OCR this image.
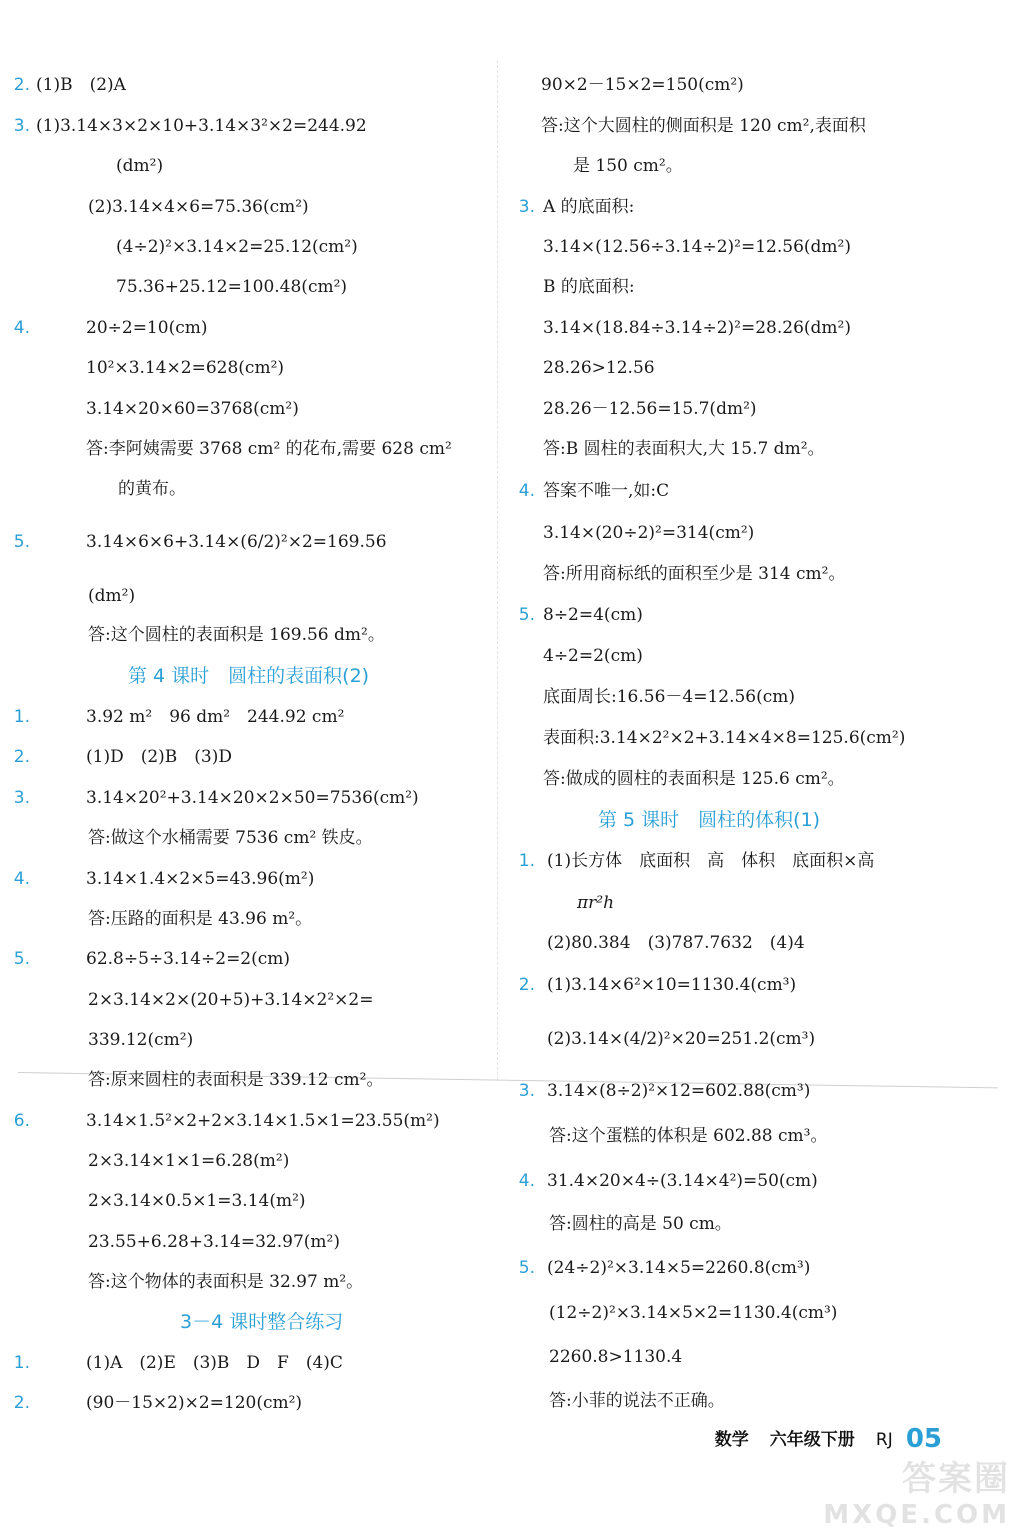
2. (1)B　(2)A
3. (1)3.14×3×2×10+3.14×3²×2=244.92
(dm²)
(2)3.14×4×6=75.36(cm²)
(4÷2)²×3.14×2=25.12(cm²)
75.36+25.12=100.48(cm²)
4.	20÷2=10(cm)
10²×3.14×2=628(cm²)
3.14×20×60=3768(cm²)
答:李阿姨需要 3768 cm² 的花布,需要 628 cm²
的黄布。
5.	3.14×6×6+3.14×(6/2)²×2=169.56
(dm²)
答:这个圆柱的表面积是 169.56 dm²。
第 4 课时　圆柱的表面积(2)
1.	3.92 m²　96 dm²　244.92 cm²
2.	(1)D　(2)B　(3)D
3.	3.14×20²+3.14×20×2×50=7536(cm²)
答:做这个水桶需要 7536 cm² 铁皮。
4.	3.14×1.4×2×5=43.96(m²)
答:压路的面积是 43.96 m²。
5.	62.8÷5÷3.14÷2=2(cm)
2×3.14×2×(20+5)+3.14×2²×2=
339.12(cm²)
答:原来圆柱的表面积是 339.12 cm²。
6.	3.14×1.5²×2+2×3.14×1.5×1=23.55(m²)
2×3.14×1×1=6.28(m²)
2×3.14×0.5×1=3.14(m²)
23.55+6.28+3.14=32.97(m²)
答:这个物体的表面积是 32.97 m²。
3－4 课时整合练习
1.	(1)A　(2)E　(3)B　D　F　(4)C
2.	(90－15×2)×2=120(cm²)
90×2－15×2=150(cm²)
答:这个大圆柱的侧面积是 120 cm²,表面积
是 150 cm²。
3. A 的底面积:
3.14×(12.56÷3.14÷2)²=12.56(dm²)
B 的底面积:
3.14×(18.84÷3.14÷2)²=28.26(dm²)
28.26>12.56
28.26－12.56=15.7(dm²)
答:B 圆柱的表面积大,大 15.7 dm²。
4. 答案不唯一,如:C
3.14×(20÷2)²=314(cm²)
答:所用商标纸的面积至少是 314 cm²。
5. 8÷2=4(cm)
4÷2=2(cm)
底面周长:16.56－4=12.56(cm)
表面积:3.14×2²×2+3.14×4×8=125.6(cm²)
答:做成的圆柱的表面积是 125.6 cm²。
第 5 课时　圆柱的体积(1)
1. (1)长方体　底面积　高　体积　底面积×高
πr²h
(2)80.384　(3)787.7632　(4)4
2. (1)3.14×6²×10=1130.4(cm³)
(2)3.14×(4/2)²×20=251.2(cm³)
3. 3.14×(8÷2)²×12=602.88(cm³)
答:这个蛋糕的体积是 602.88 cm³。
4. 31.4×20×4÷(3.14×4²)=50(cm)
答:圆柱的高是 50 cm。
5. (24÷2)²×3.14×5=2260.8(cm³)
(12÷2)²×3.14×5×2=1130.4(cm³)
2260.8>1130.4
答:小菲的说法不正确。
数学 六年级下册 RJ 05
答案圈
MXQE.COM
